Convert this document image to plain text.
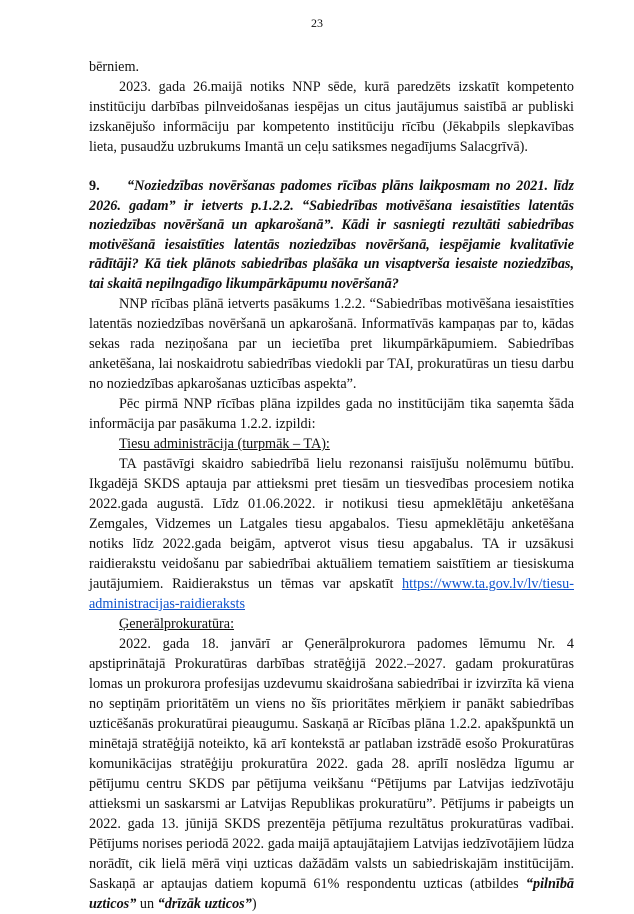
23

bērniem.

2023. gada 26.maijā notiks NNP sēde, kurā paredzēts izskatīt kompetento institūciju darbības pilnveidošanas iespējas un citus jautājumus saistībā ar publiski izskanējušo informāciju par kompetento institūciju rīcību (Jēkabpils slepkavības lieta, pusaudžu uzbrukums Imantā un ceļu satiksmes negadījums Salacgrīvā).

9. “Noziedzības novēršanas padomes rīcības plāns laikposmam no 2021. līdz 2026. gadam” ir ietverts p.1.2.2. “Sabiedrības motivēšana iesaistīties latentās noziedzības novēršanā un apkarošanā”. Kādi ir sasniegti rezultāti sabiedrības motivēšanā iesaistīties latentās noziedzības novēršanā, iespējamie kvalitatīvie rādītāji? Kā tiek plānots sabiedrības plašāka un visaptverša iesaiste noziedzības, tai skaitā nepilngadīgo likumpārkāpumu novēršanā?

NNP rīcības plānā ietverts pasākums 1.2.2. “Sabiedrības motivēšana iesaistīties latentās noziedzības novēršanā un apkarošanā. Informatīvās kampaņas par to, kādas sekas rada neziņošana par un iecietība pret likumpārkāpumiem. Sabiedrības anketēšana, lai noskaidrotu sabiedrības viedokli par TAI, prokuratūras un tiesu darbu no noziedzības apkarošanas uzticības aspekta”.

Pēc pirmā NNP rīcības plāna izpildes gada no institūcijām tika saņemta šāda informācija par pasākuma 1.2.2. izpildi:

Tiesu administrācija (turpmāk – TA):

TA pastāvīgi skaidro sabiedrībā lielu rezonansi raisījušu nolēmumu būtību. Ikgadējā SKDS aptauja par attieksmi pret tiesām un tiesvedības procesiem notika 2022.gada augustā. Līdz 01.06.2022. ir notikusi tiesu apmeklētāju anketēšana Zemgales, Vidzemes un Latgales tiesu apgabalos. Tiesu apmeklētāju anketēšana notiks līdz 2022.gada beigām, aptverot visus tiesu apgabalus. TA ir uzsākusi raidierakstu veidošanu par sabiedrībai aktuāliem tematiem saistītiem ar tiesiskuma jautājumiem. Raidierakstus un tēmas var apskatīt https://www.ta.gov.lv/lv/tiesu-administracijas-raidieraksts

Ģenerālprokuratūra:

2022. gada 18. janvārī ar Ģenerālprokurora padomes lēmumu Nr. 4 apstiprinātajā Prokuratūras darbības stratēģijā 2022.–2027. gadam prokuratūras lomas un prokurora profesijas uzdevumu skaidrošana sabiedrībai ir izvirzīta kā viena no septiņām prioritātēm un viens no šīs prioritātes mērķiem ir panākt sabiedrības uzticēšanās prokuratūrai pieaugumu. Saskaņā ar Rīcības plāna 1.2.2. apakšpunktā un minētajā stratēģijā noteikto, kā arī kontekstā ar patlaban izstrādē esošo Prokuratūras komunikācijas stratēģiju prokuratūra 2022. gada 28. aprīlī noslēdza līgumu ar pētījumu centru SKDS par pētījuma veikšanu “Pētījums par Latvijas iedzīvotāju attieksmi un saskarsmi ar Latvijas Republikas prokuratūru”. Pētījums ir pabeigts un 2022. gada 13. jūnijā SKDS prezentēja pētījuma rezultātus prokuratūras vadībai. Pētījums norises periodā 2022. gada maijā aptaujātajiem Latvijas iedzīvotājiem lūdza norādīt, cik lielā mērā viņi uzticas dažādām valsts un sabiedriskajām institūcijām. Saskaņā ar aptaujas datiem kopumā 61% respondentu uzticas (atbildes “pilnībā uzticos” un “drīzāk uzticos”)
